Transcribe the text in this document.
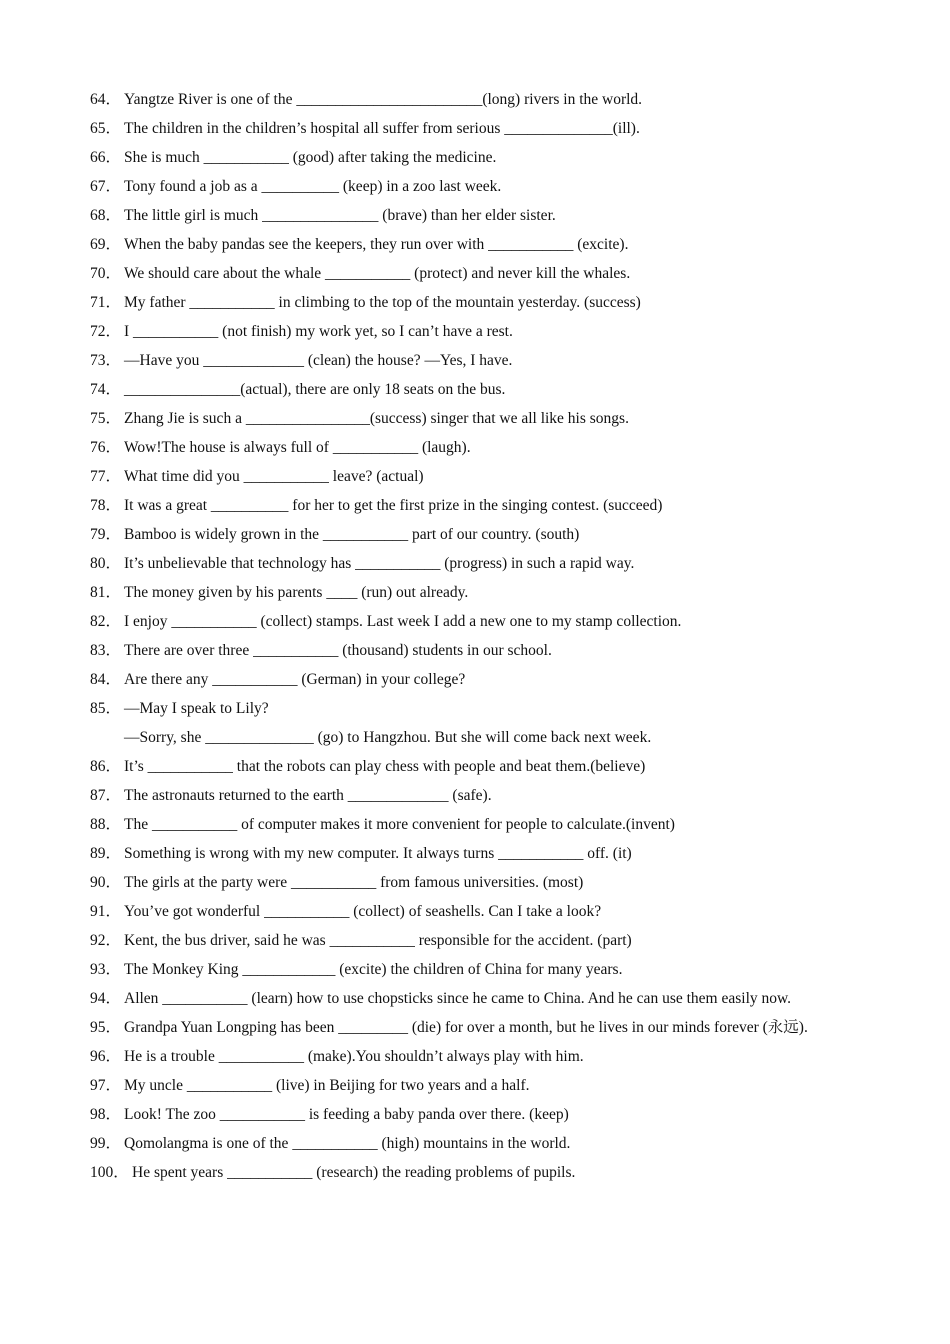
64． Yangtze River is one of the ________________________(long) rivers in the world.
65． The children in the children’s hospital all suffer from serious ______________(ill).
66． She is much ___________ (good) after taking the medicine.
67． Tony found a job as a __________ (keep) in a zoo last week.
68． The little girl is much _______________ (brave) than her elder sister.
69． When the baby pandas see the keepers, they run over with ___________ (excite).
70． We should care about the whale ___________ (protect) and never kill the whales.
71． My father ___________ in climbing to the top of the mountain yesterday. (success)
72． I ___________ (not finish) my work yet, so I can’t have a rest.
73． —Have you _____________ (clean) the house? —Yes, I have.
74． _______________(actual), there are only 18 seats on the bus.
75． Zhang Jie is such a ________________(success) singer that we all like his songs.
76． Wow!The house is always full of ___________ (laugh).
77． What time did you ___________ leave? (actual)
78． It was a great __________ for her to get the first prize in the singing contest. (succeed)
79． Bamboo is widely grown in the ___________ part of our country. (south)
80． It’s unbelievable that technology has ___________ (progress) in such a rapid way.
81． The money given by his parents ____ (run) out already.
82． I enjoy ___________ (collect) stamps. Last week I add a new one to my stamp collection.
83． There are over three ___________ (thousand) students in our school.
84． Are there any ___________ (German) in your college?
85． —May I speak to Lily?
—Sorry, she ______________ (go) to Hangzhou. But she will come back next week.
86． It’s ___________ that the robots can play chess with people and beat them.(believe)
87． The astronauts returned to the earth _____________ (safe).
88． The ___________ of computer makes it more convenient for people to calculate.(invent)
89． Something is wrong with my new computer. It always turns ___________ off. (it)
90． The girls at the party were ___________ from famous universities. (most)
91． You’ve got wonderful ___________ (collect) of seashells. Can I take a look?
92． Kent, the bus driver, said he was ___________ responsible for the accident. (part)
93． The Monkey King ____________ (excite) the children of China for many years.
94． Allen ___________ (learn) how to use chopsticks since he came to China. And he can use them easily now.
95． Grandpa Yuan Longping has been _________ (die) for over a month, but he lives in our minds forever (永远).
96． He is a trouble ___________ (make).You shouldn’t always play with him.
97． My uncle ___________ (live) in Beijing for two years and a half.
98． Look! The zoo ___________ is feeding a baby panda over there. (keep)
99． Qomolangma is one of the ___________ (high) mountains in the world.
100． He spent years ___________ (research) the reading problems of pupils.
